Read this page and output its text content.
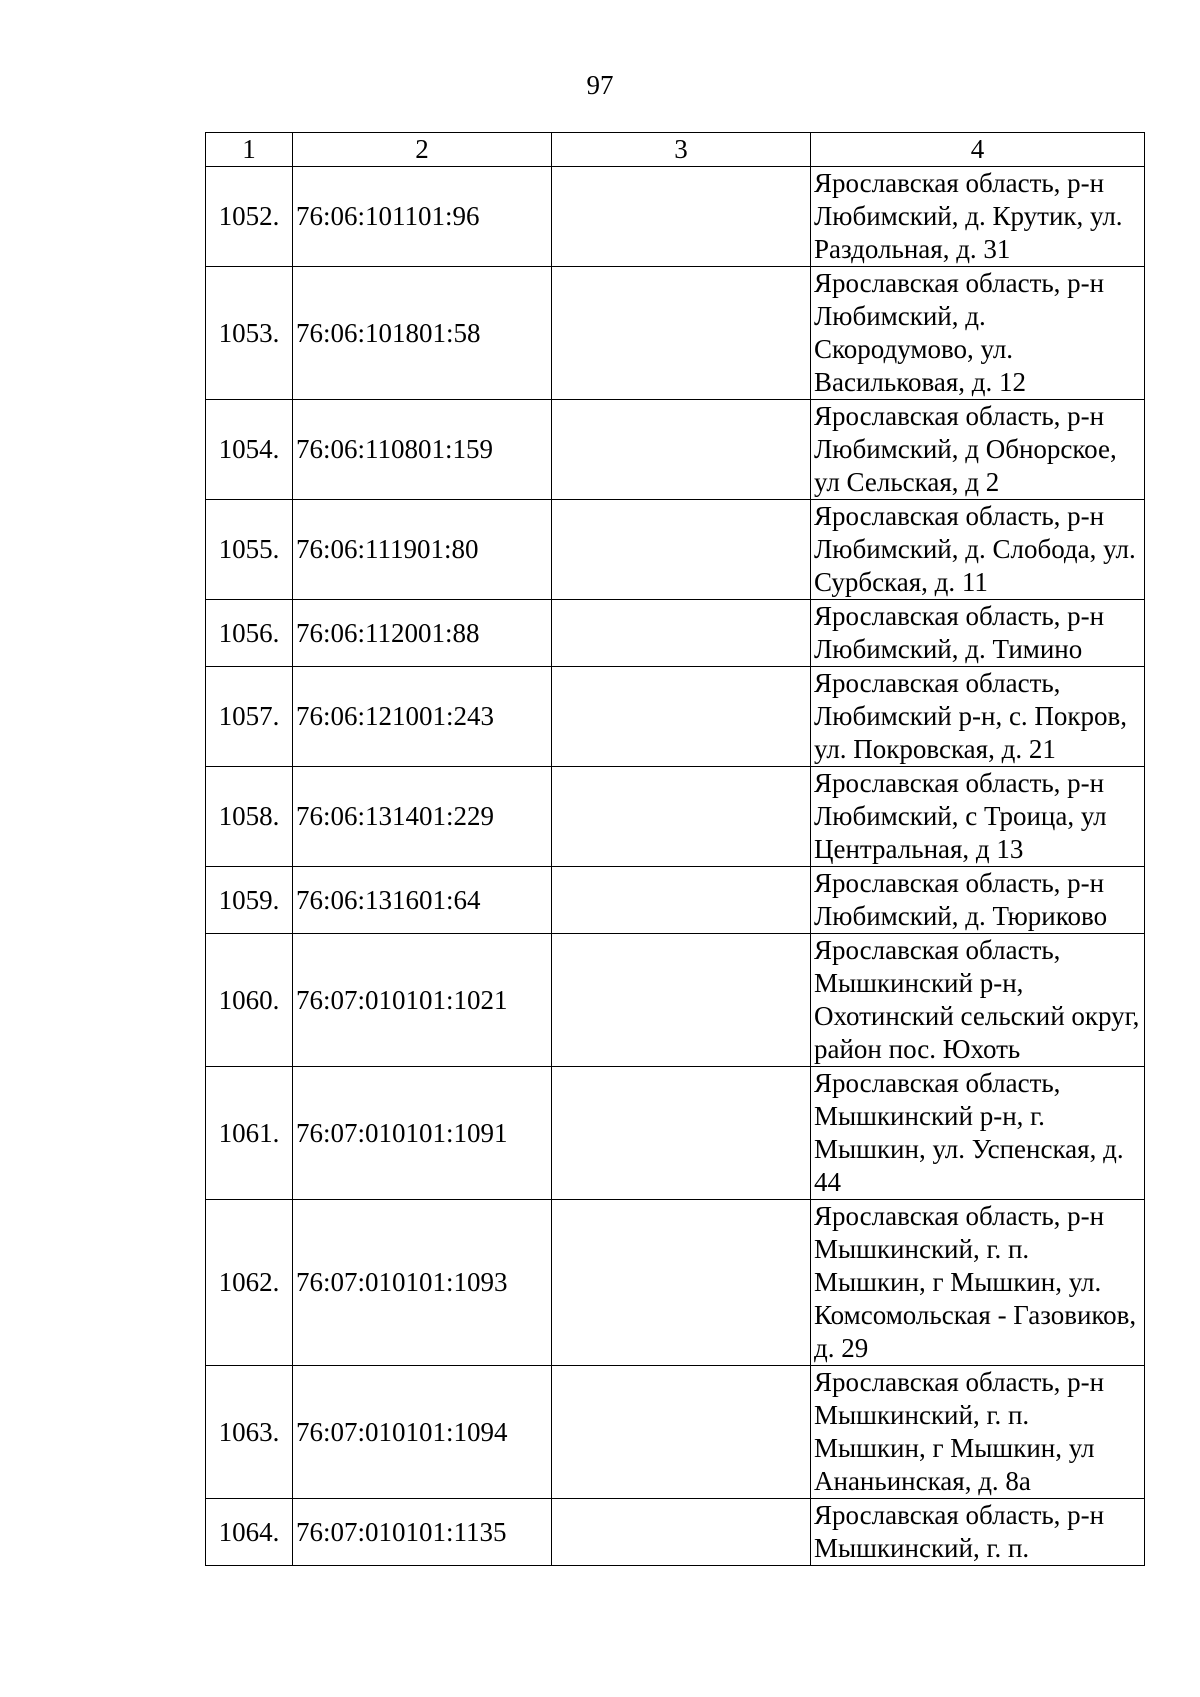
97
1	2	3	4
1052.	76:06:101101:96		Ярославская область, р-н Любимский, д. Крутик, ул. Раздольная, д. 31
1053.	76:06:101801:58		Ярославская область, р-н Любимский, д. Скородумово, ул. Васильковая, д. 12
1054.	76:06:110801:159		Ярославская область, р-н Любимский, д Обнорское, ул Сельская, д 2
1055.	76:06:111901:80		Ярославская область, р-н Любимский, д. Слобода, ул. Сурбская, д. 11
1056.	76:06:112001:88		Ярославская область, р-н Любимский, д. Тимино
1057.	76:06:121001:243		Ярославская область, Любимский р-н, с. Покров, ул. Покровская, д. 21
1058.	76:06:131401:229		Ярославская область, р-н Любимский, с Троица, ул Центральная, д 13
1059.	76:06:131601:64		Ярославская область, р-н Любимский, д. Тюриково
1060.	76:07:010101:1021		Ярославская область, Мышкинский р-н, Охотинский сельский округ, район пос. Юхоть
1061.	76:07:010101:1091		Ярославская область, Мышкинский р-н, г. Мышкин, ул. Успенская, д. 44
1062.	76:07:010101:1093		Ярославская область, р-н Мышкинский, г. п. Мышкин, г Мышкин, ул. Комсомольская - Газовиков, д. 29
1063.	76:07:010101:1094		Ярославская область, р-н Мышкинский, г. п. Мышкин, г Мышкин, ул Ананьинская, д. 8а
1064.	76:07:010101:1135		Ярославская область, р-н Мышкинский, г. п.
